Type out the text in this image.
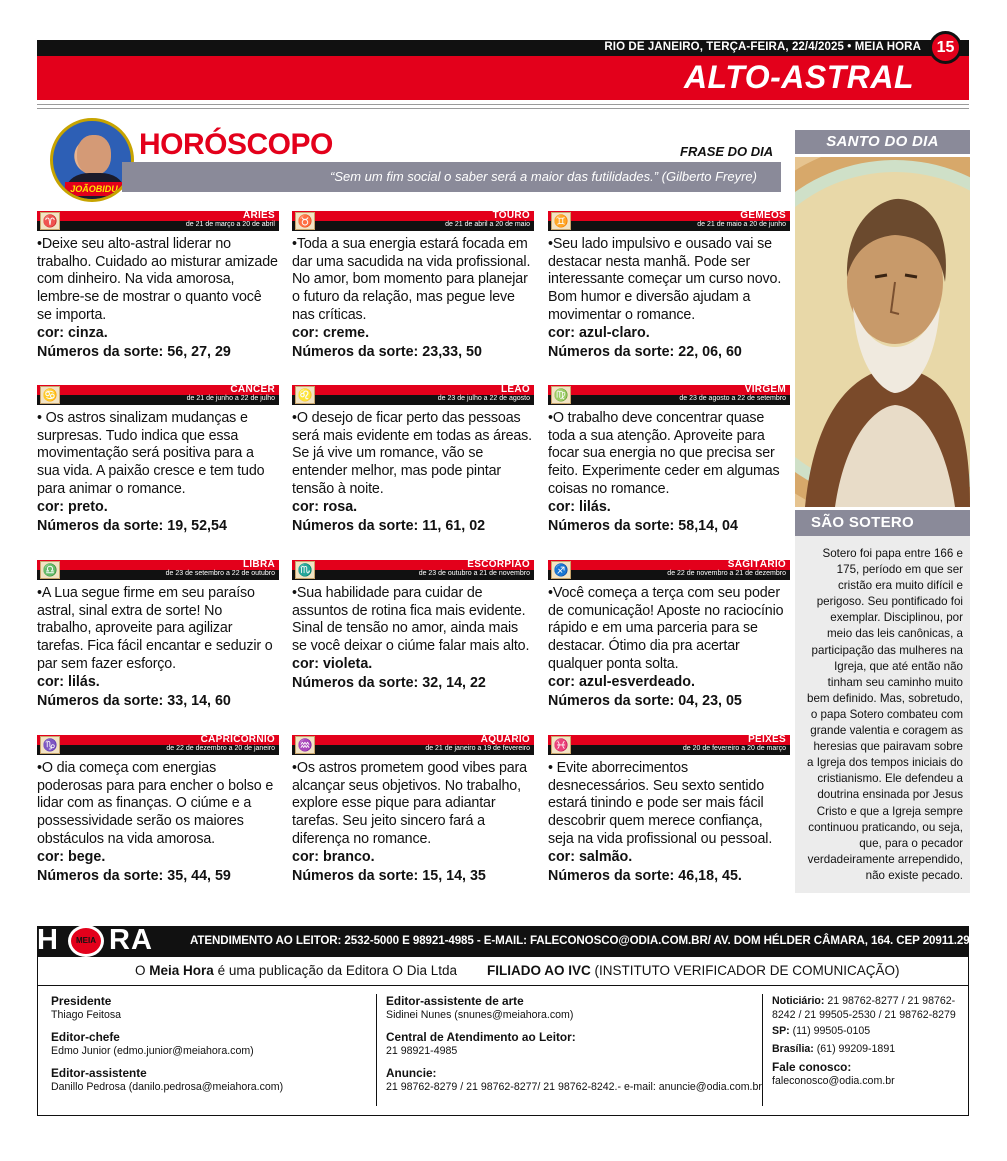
RIO DE JANEIRO, TERÇA-FEIRA, 22/4/2025 • MEIA HORA
ALTO-ASTRAL
15
JOÃOBIDU
HORÓSCOPO	FRASE DO DIA
“Sem um fim social o saber será a maior das futilidades.” (Gilberto Freyre)
♈	ÁRIES
de 21 de março a 20 de abril
•Deixe seu alto-astral liderar no trabalho. Cuidado ao misturar amizade com dinheiro. Na vida amorosa, lembre-se de mostrar o quanto você se importa.
cor: cinza.
Números da sorte: 56, 27, 29
♉	TOURO
de 21 de abril a 20 de maio
•Toda a sua energia estará focada em dar uma sacudida na vida profissional. No amor, bom momento para planejar o futuro da relação, mas pegue leve nas críticas.
cor: creme.
Números da sorte: 23,33, 50
♊	GÊMEOS
de 21 de maio a 20 de junho
•Seu lado impulsivo e ousado vai se destacar nesta manhã. Pode ser interessante começar um curso novo. Bom humor e diversão ajudam a movimentar o romance.
cor: azul-claro.
Números da sorte: 22, 06, 60
♋	CÂNCER
de 21 de junho a 22 de julho
• Os astros sinalizam mudanças e surpresas. Tudo indica que essa movimentação será positiva para a sua vida. A paixão cresce e tem tudo para animar o romance.
cor: preto.
Números da sorte: 19, 52,54
♌	LEÃO
de 23 de julho a 22 de agosto
•O desejo de ficar perto das pessoas será mais evidente em todas as áreas. Se já vive um romance, vão se entender melhor, mas pode pintar tensão à noite.
cor: rosa.
Números da sorte: 11, 61, 02
♍	VIRGEM
de 23 de agosto a 22 de setembro
•O trabalho deve concentrar quase toda a sua atenção. Aproveite para focar sua energia no que precisa ser feito. Experimente ceder em algumas coisas no romance.
cor: lilás.
Números da sorte: 58,14, 04
♎	LIBRA
de 23 de setembro a 22 de outubro
•A Lua segue firme em seu paraíso astral, sinal extra de sorte! No trabalho, aproveite para agilizar tarefas. Fica fácil encantar e seduzir o par sem fazer esforço.
cor: lilás.
Números da sorte: 33, 14, 60
♏	ESCORPIÃO
de 23 de outubro a 21 de novembro
•Sua habilidade para cuidar de assuntos de rotina fica mais evidente. Sinal de tensão no amor, ainda mais se você deixar o ciúme falar mais alto.
cor: violeta.
Números da sorte: 32, 14, 22
♐	SAGITÁRIO
de 22 de novembro a 21 de dezembro
•Você começa a terça com seu poder de comunicação! Aposte no raciocínio rápido e em uma parceria para se destacar. Ótimo dia pra acertar qualquer ponta solta.
cor: azul-esverdeado.
Números da sorte: 04, 23, 05
♑	CAPRICÓRNIO
de 22 de dezembro a 20 de janeiro
•O dia começa com energias poderosas para para encher o bolso e lidar com as finanças. O ciúme e a possessividade serão os maiores obstáculos na vida amorosa.
cor: bege.
Números da sorte: 35, 44, 59
♒	AQUÁRIO
de 21 de janeiro a 19 de fevereiro
•Os astros prometem good vibes para alcançar seus objetivos. No trabalho, explore esse pique para adiantar tarefas. Seu jeito sincero fará a diferença no romance.
cor: branco.
Números da sorte: 15, 14, 35
♓	PEIXES
de 20 de fevereiro a 20 de março
• Evite aborrecimentos desnecessários. Seu sexto sentido estará tinindo e pode ser mais fácil descobrir quem merece confiança, seja na vida profissional ou pessoal.
cor: salmão.
Números da sorte: 46,18, 45.
SANTO DO DIA
SÃO SOTERO
Sotero foi papa entre 166 e 175, período em que ser cristão era muito difícil e perigoso. Seu pontificado foi exemplar. Disciplinou, por meio das leis canônicas, a participação das mulheres na Igreja, que até então não tinham seu caminho muito bem definido. Mas, sobretudo, o papa Sotero combateu com grande valentia e coragem as heresias que pairavam sobre a Igreja dos tempos iniciais do cristianismo. Ele defendeu a doutrina ensinada por Jesus Cristo e que a Igreja sempre continuou praticando, ou seja, que, para o pecador verdadeiramente arrependido, não existe pecado.
ATENDIMENTO AO LEITOR: 2532-5000 E 98921-4985 - E-MAIL: FALECONOSCO@ODIA.COM.BR/ AV. DOM HÉLDER CÂMARA, 164. CEP 20911.292, RJ
H	MEIA RA
O Meia Hora é uma publicação da Editora O Dia Ltda FILIADO AO IVC (INSTITUTO VERIFICADOR DE COMUNICAÇÃO)
Presidente
Thiago Feitosa
Editor-chefe
Edmo Junior (edmo.junior@meiahora.com)
Editor-assistente
Danillo Pedrosa (danilo.pedrosa@meiahora.com)
Editor-assistente de arte
Sidinei Nunes (snunes@meiahora.com)
Central de Atendimento ao Leitor:
21 98921-4985
Anuncie:
21 98762-8279 / 21 98762-8277/ 21 98762-8242.- e-mail: anuncie@odia.com.br
Noticiário: 21 98762-8277 / 21 98762-8242 / 21 99505-2530 / 21 98762-8279
SP: (11) 99505-0105
Brasília: (61) 99209-1891
Fale conosco:
faleconosco@odia.com.br
